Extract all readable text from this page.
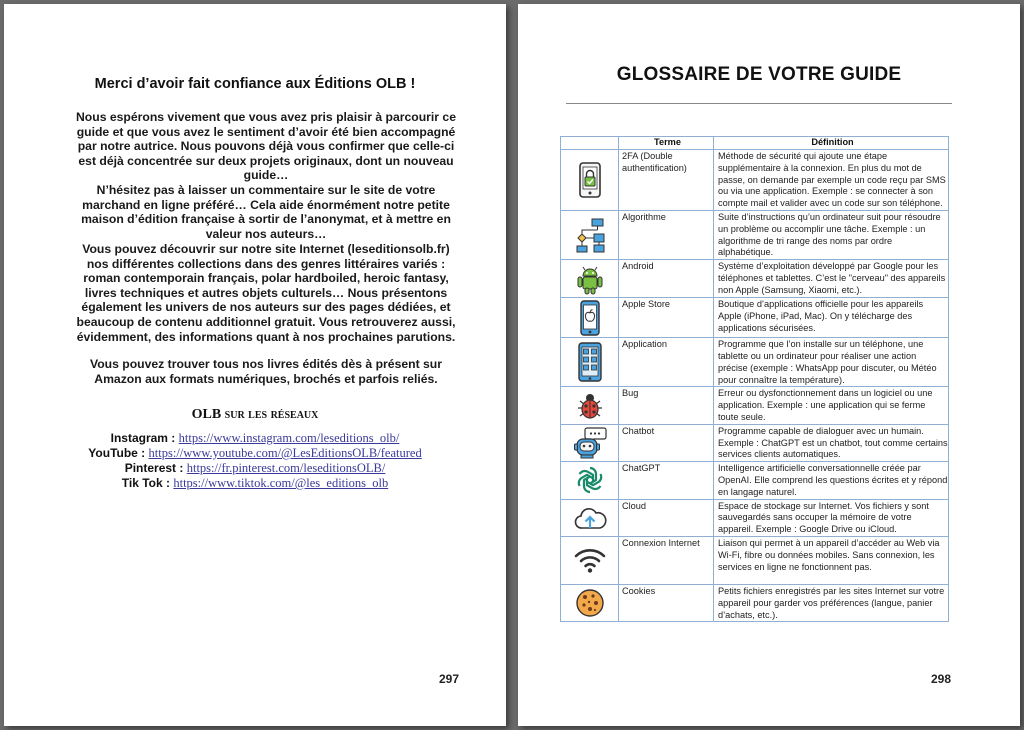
Merci d’avoir fait confiance aux Éditions OLB !
Nous espérons vivement que vous avez pris plaisir à parcourir ce guide et que vous avez le sentiment d’avoir été bien accompagné par notre autrice. Nous pouvons déjà vous confirmer que celle-ci est déjà concentrée sur deux projets originaux, dont un nouveau guide…
N’hésitez pas à laisser un commentaire sur le site de votre marchand en ligne préféré… Cela aide énormément notre petite maison d’édition française à sortir de l’anonymat, et à mettre en valeur nos auteurs…
Vous pouvez découvrir sur notre site Internet (leseditionsolb.fr) nos différentes collections dans des genres littéraires variés : roman contemporain français, polar hardboiled, heroic fantasy, livres techniques et autres objets culturels… Nous présentons également les univers de nos auteurs sur des pages dédiées, et beaucoup de contenu additionnel gratuit. Vous retrouverez aussi, évidemment, des informations quant à nos prochaines parutions.
Vous pouvez trouver tous nos livres édités dès à présent sur Amazon aux formats numériques, brochés et parfois reliés.
OLB sur les réseaux
Instagram : https://www.instagram.com/leseditions_olb/
YouTube : https://www.youtube.com/@LesEditionsOLB/featured
Pinterest : https://fr.pinterest.com/leseditionsOLB/
Tik Tok : https://www.tiktok.com/@les_editions_olb
297
GLOSSAIRE DE VOTRE GUIDE
	Terme	Définition

	2FA (Double authentification)	Méthode de sécurité qui ajoute une étape supplémentaire à la connexion. En plus du mot de passe, on demande par exemple un code reçu par SMS ou via une application. Exemple : se connecter à son compte mail et valider avec un code sur son téléphone.

	Algorithme	Suite d’instructions qu’un ordinateur suit pour résoudre un problème ou accomplir une tâche. Exemple : un algorithme de tri range des noms par ordre alphabétique.

	Android	Système d’exploitation développé par Google pour les téléphones et tablettes. C’est le "cerveau" des appareils non Apple (Samsung, Xiaomi, etc.).

	Apple Store	Boutique d’applications officielle pour les appareils Apple (iPhone, iPad, Mac). On y télécharge des applications sécurisées.

	Application	Programme que l’on installe sur un téléphone, une tablette ou un ordinateur pour réaliser une action précise (exemple : WhatsApp pour discuter, ou Météo pour connaître la température).

	Bug	Erreur ou dysfonctionnement dans un logiciel ou une application. Exemple : une application qui se ferme toute seule.

	Chatbot	Programme capable de dialoguer avec un humain. Exemple : ChatGPT est un chatbot, tout comme certains services clients automatiques.

	ChatGPT	Intelligence artificielle conversationnelle créée par OpenAI. Elle comprend les questions écrites et y répond en langage naturel.

	Cloud	Espace de stockage sur Internet. Vos fichiers y sont sauvegardés sans occuper la mémoire de votre appareil. Exemple : Google Drive ou iCloud.

	Connexion Internet	Liaison qui permet à un appareil d’accéder au Web via Wi-Fi, fibre ou données mobiles. Sans connexion, les services en ligne ne fonctionnent pas.

	Cookies	Petits fichiers enregistrés par les sites Internet sur votre appareil pour garder vos préférences (langue, panier d’achats, etc.).
298
